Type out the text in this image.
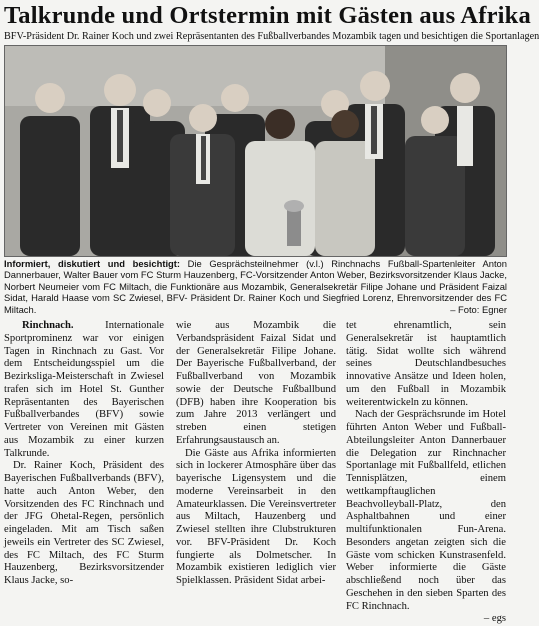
Talkrunde und Ortstermin mit Gästen aus Afrika
BFV-Präsident Dr. Rainer Koch und zwei Repräsentanten des Fußballverbandes Mozambik tagen und besichtigen die Sportanlagen
Informiert, diskutiert und besichtigt: Die Gesprächsteilnehmer (v.l.) Rinchnachs Fußball-Spartenleiter Anton Dannerbauer, Walter Bauer vom FC Sturm Hauzenberg, FC-Vorsitzender Anton Weber, Bezirksvorsitzender Klaus Jacke, Norbert Neumeier vom FC Miltach, die Funktionäre aus Mozambik, Generalsekretär Filipe Johane und Präsident Faizal Sidat, Harald Haase vom SC Zwiesel, BFV- Präsident Dr. Rainer Koch und Siegfried Lorenz, Ehrenvorsitzender des FC Miltach.	– Foto: Egner

Rinchnach. Internationale Sportprominenz war vor einigen Tagen in Rinchnach zu Gast. Vor dem Entscheidungsspiel um die Bezirksliga-Meisterschaft in Zwiesel trafen sich im Hotel St. Gunther Repräsentanten des Bayerischen Fußballverbandes (BFV) sowie Vertreter von Vereinen mit Gästen aus Mozambik zu einer kurzen Talkrunde.

Dr. Rainer Koch, Präsident des Bayerischen Fußballverbands (BFV), hatte auch Anton Weber, den Vorsitzenden des FC Rinchnach und der JFG Ohetal-Regen, persönlich eingeladen. Mit am Tisch saßen jeweils ein Vertreter des SC Zwiesel, des FC Miltach, des FC Sturm Hauzenberg, Bezirksvorsitzender Klaus Jacke, so-

wie aus Mozambik die Verbandspräsident Faizal Sidat und der Generalsekretär Filipe Johane. Der Bayerische Fußballverband, der Fußballverband von Mozambik sowie der Deutsche Fußballbund (DFB) haben ihre Kooperation bis zum Jahre 2013 verlängert und streben einen stetigen Erfahrungsaustausch an.

Die Gäste aus Afrika informierten sich in lockerer Atmosphäre über das bayerische Ligensystem und die moderne Vereinsarbeit in den Amateurklassen. Die Vereinsvertreter aus Miltach, Hauzenberg und Zwiesel stellten ihre Clubstrukturen vor. BFV-Präsident Dr. Koch fungierte als Dolmetscher. In Mozambik existieren lediglich vier Spielklassen. Präsident Sidat arbei-

tet ehrenamtlich, sein Generalsekretär ist hauptamtlich tätig. Sidat wollte sich während seines Deutschlandbesuches innovative Ansätze und Ideen holen, um den Fußball in Mozambik weiterentwickeln zu können.

Nach der Gesprächsrunde im Hotel führten Anton Weber und Fußball-Abteilungsleiter Anton Dannerbauer die Delegation zur Rinchnacher Sportanlage mit Fußballfeld, etlichen Tennisplätzen, einem wettkampftauglichen Beachvolleyball-Platz, den Asphaltbahnen und einer multifunktionalen Fun-Arena. Besonders angetan zeigten sich die Gäste vom schicken Kunstrasenfeld. Weber informierte die Gäste abschließend noch über das Geschehen in den sieben Sparten des FC Rinchnach.

– egs
